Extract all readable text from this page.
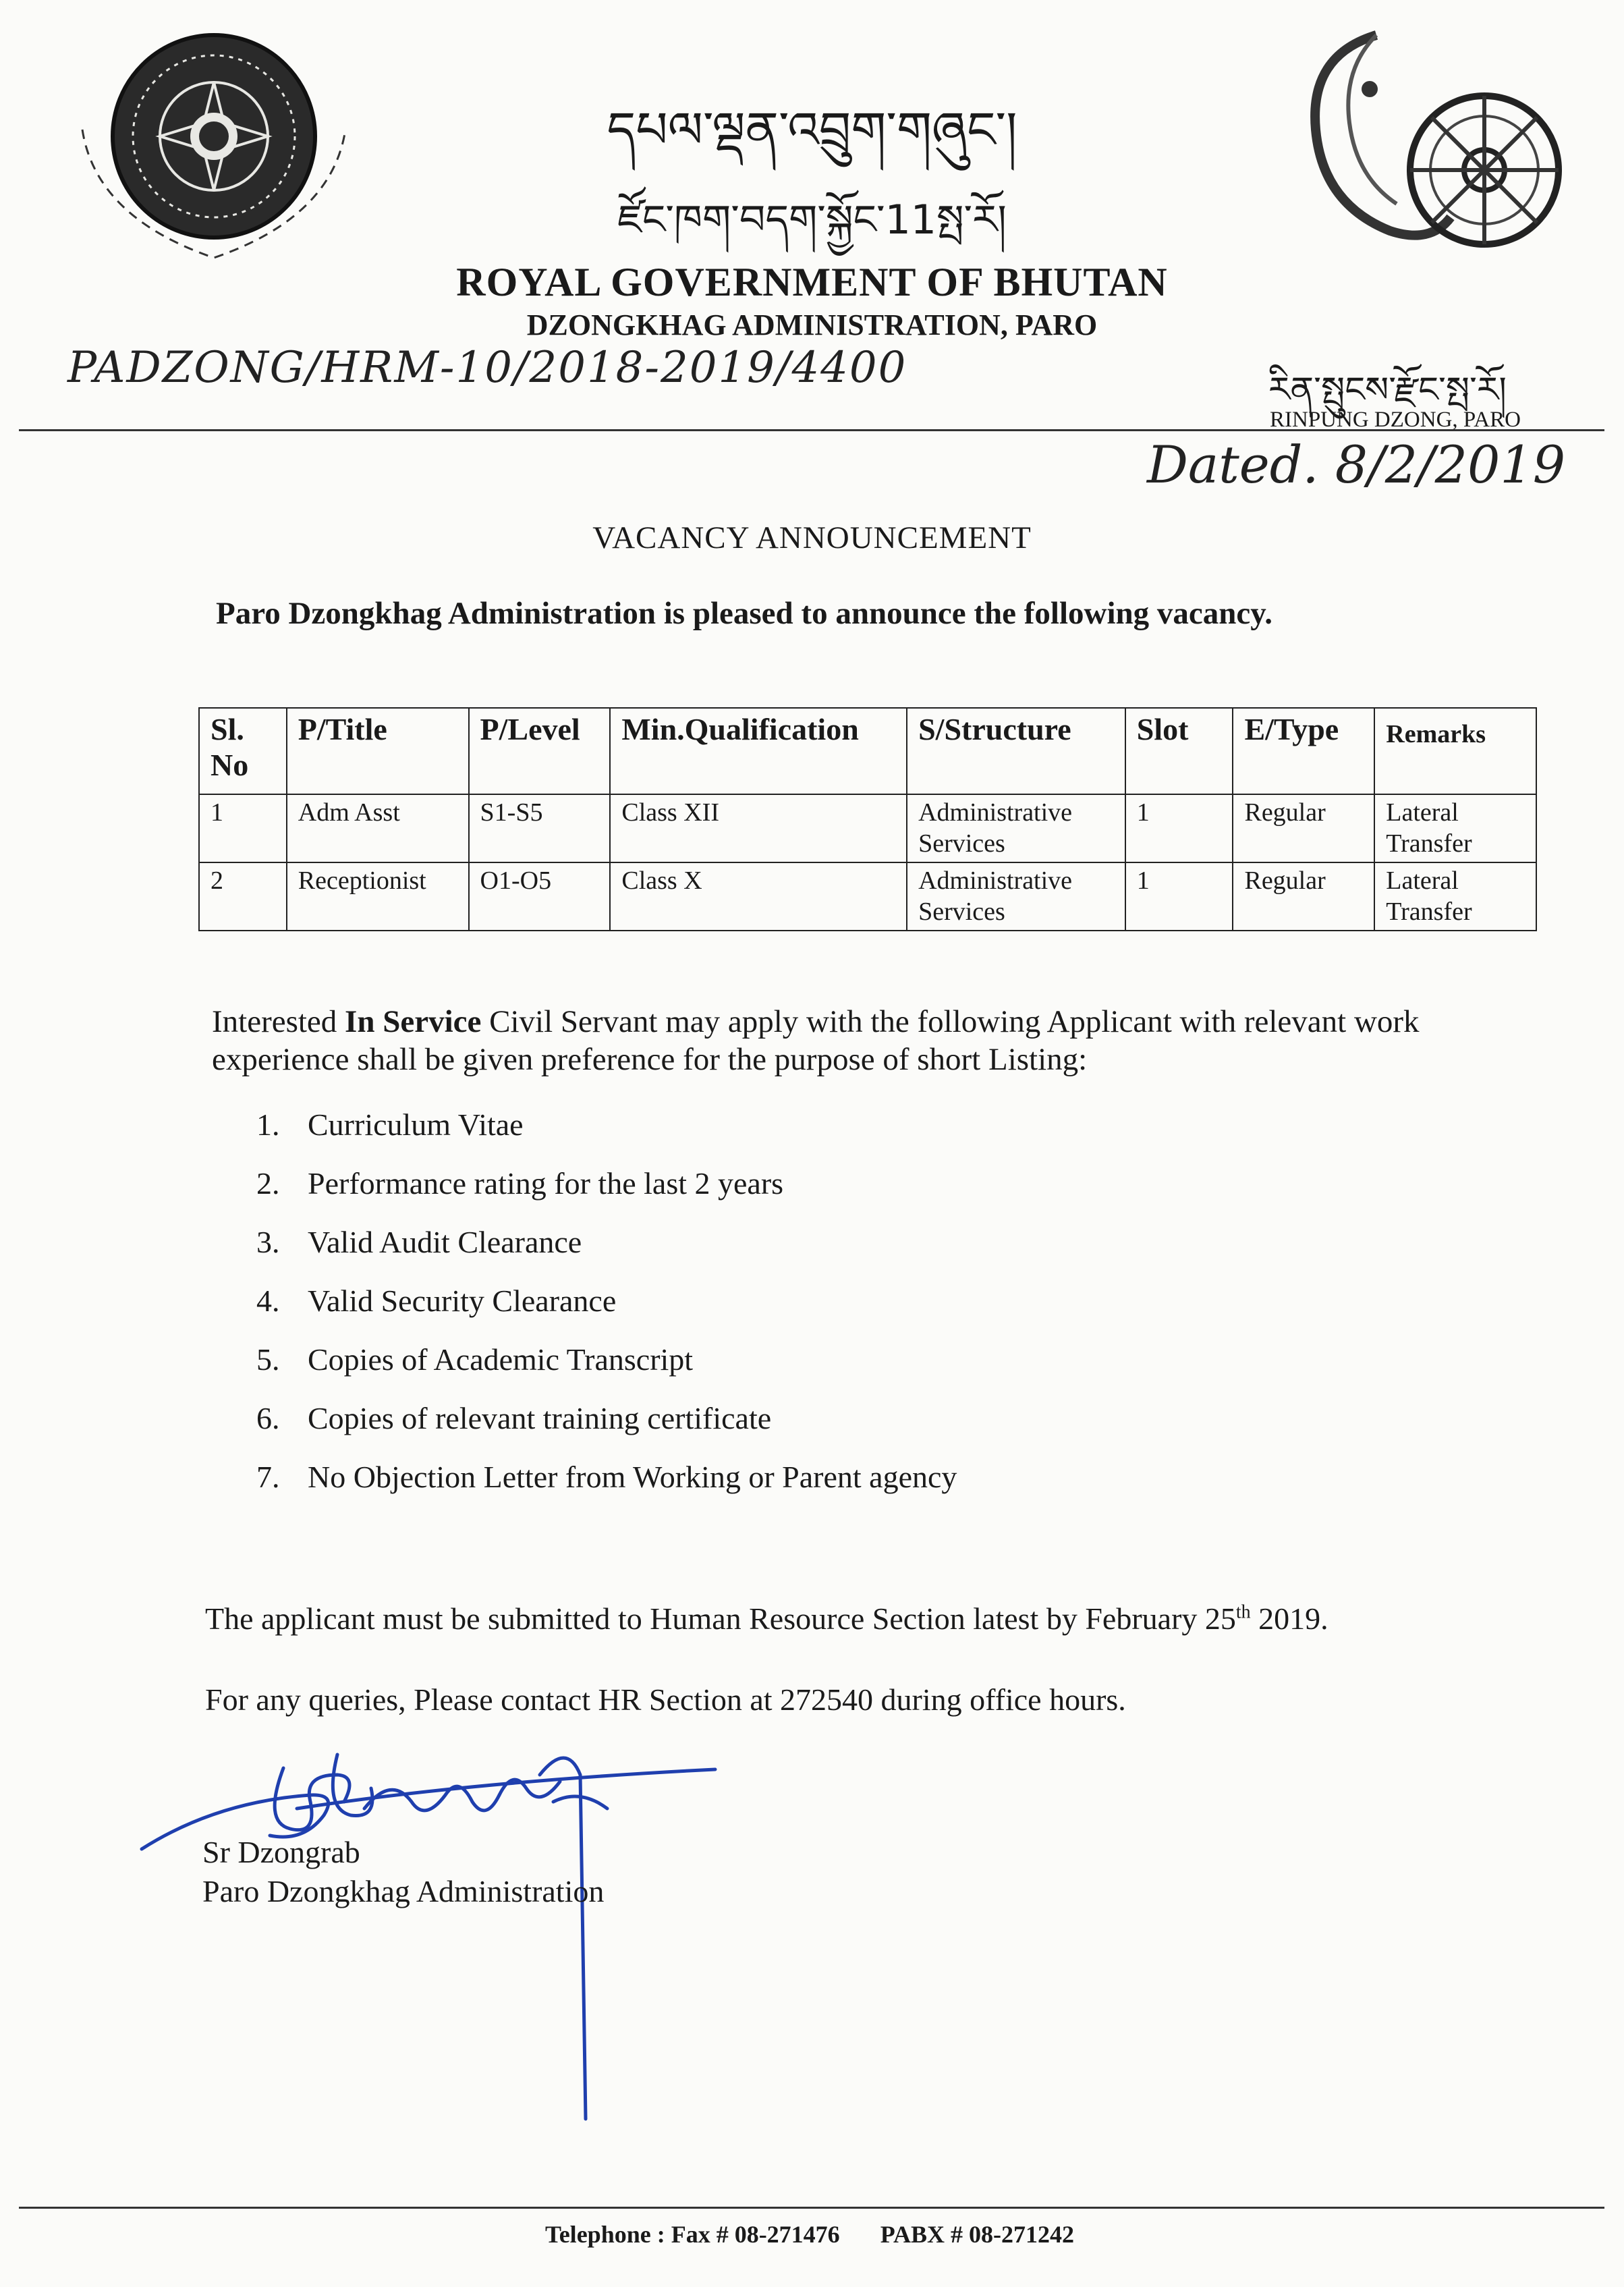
དཔལ་ལྡན་འབྲུག་གཞུང་།
ཛོང་ཁག་བདག་སྐྱོང་11སྤ་རོ།
ROYAL GOVERNMENT OF BHUTAN
DZONGKHAG ADMINISTRATION, PARO
PADZONG/HRM-10/2018-2019/4400	རིན་སྤུངས་རྫོང་སྤ་རོ།
RINPUNG DZONG, PARO
Dated. 8/2/2019
VACANCY ANNOUNCEMENT
Paro Dzongkhag Administration is pleased to announce the following vacancy.
Sl. No	P/Title	P/Level	Min.Qualification	S/Structure	Slot	E/Type	Remarks
1	Adm Asst	S1-S5	Class XII	Administrative Services	1	Regular	Lateral Transfer
2	Receptionist	O1-O5	Class X	Administrative Services	1	Regular	Lateral Transfer
Interested In Service Civil Servant may apply with the following Applicant with relevant work experience shall be given preference for the purpose of short Listing:
1. Curriculum Vitae
2. Performance rating for the last 2 years
3. Valid Audit Clearance
4. Valid Security Clearance
5. Copies of Academic Transcript
6. Copies of relevant training certificate
7. No Objection Letter from Working or Parent agency
The applicant must be submitted to Human Resource Section latest by February 25th 2019.
For any queries, Please contact HR Section at 272540 during office hours.
Sr Dzongrab
Paro Dzongkhag Administration
Telephone : Fax # 08-271476 PABX # 08-271242
